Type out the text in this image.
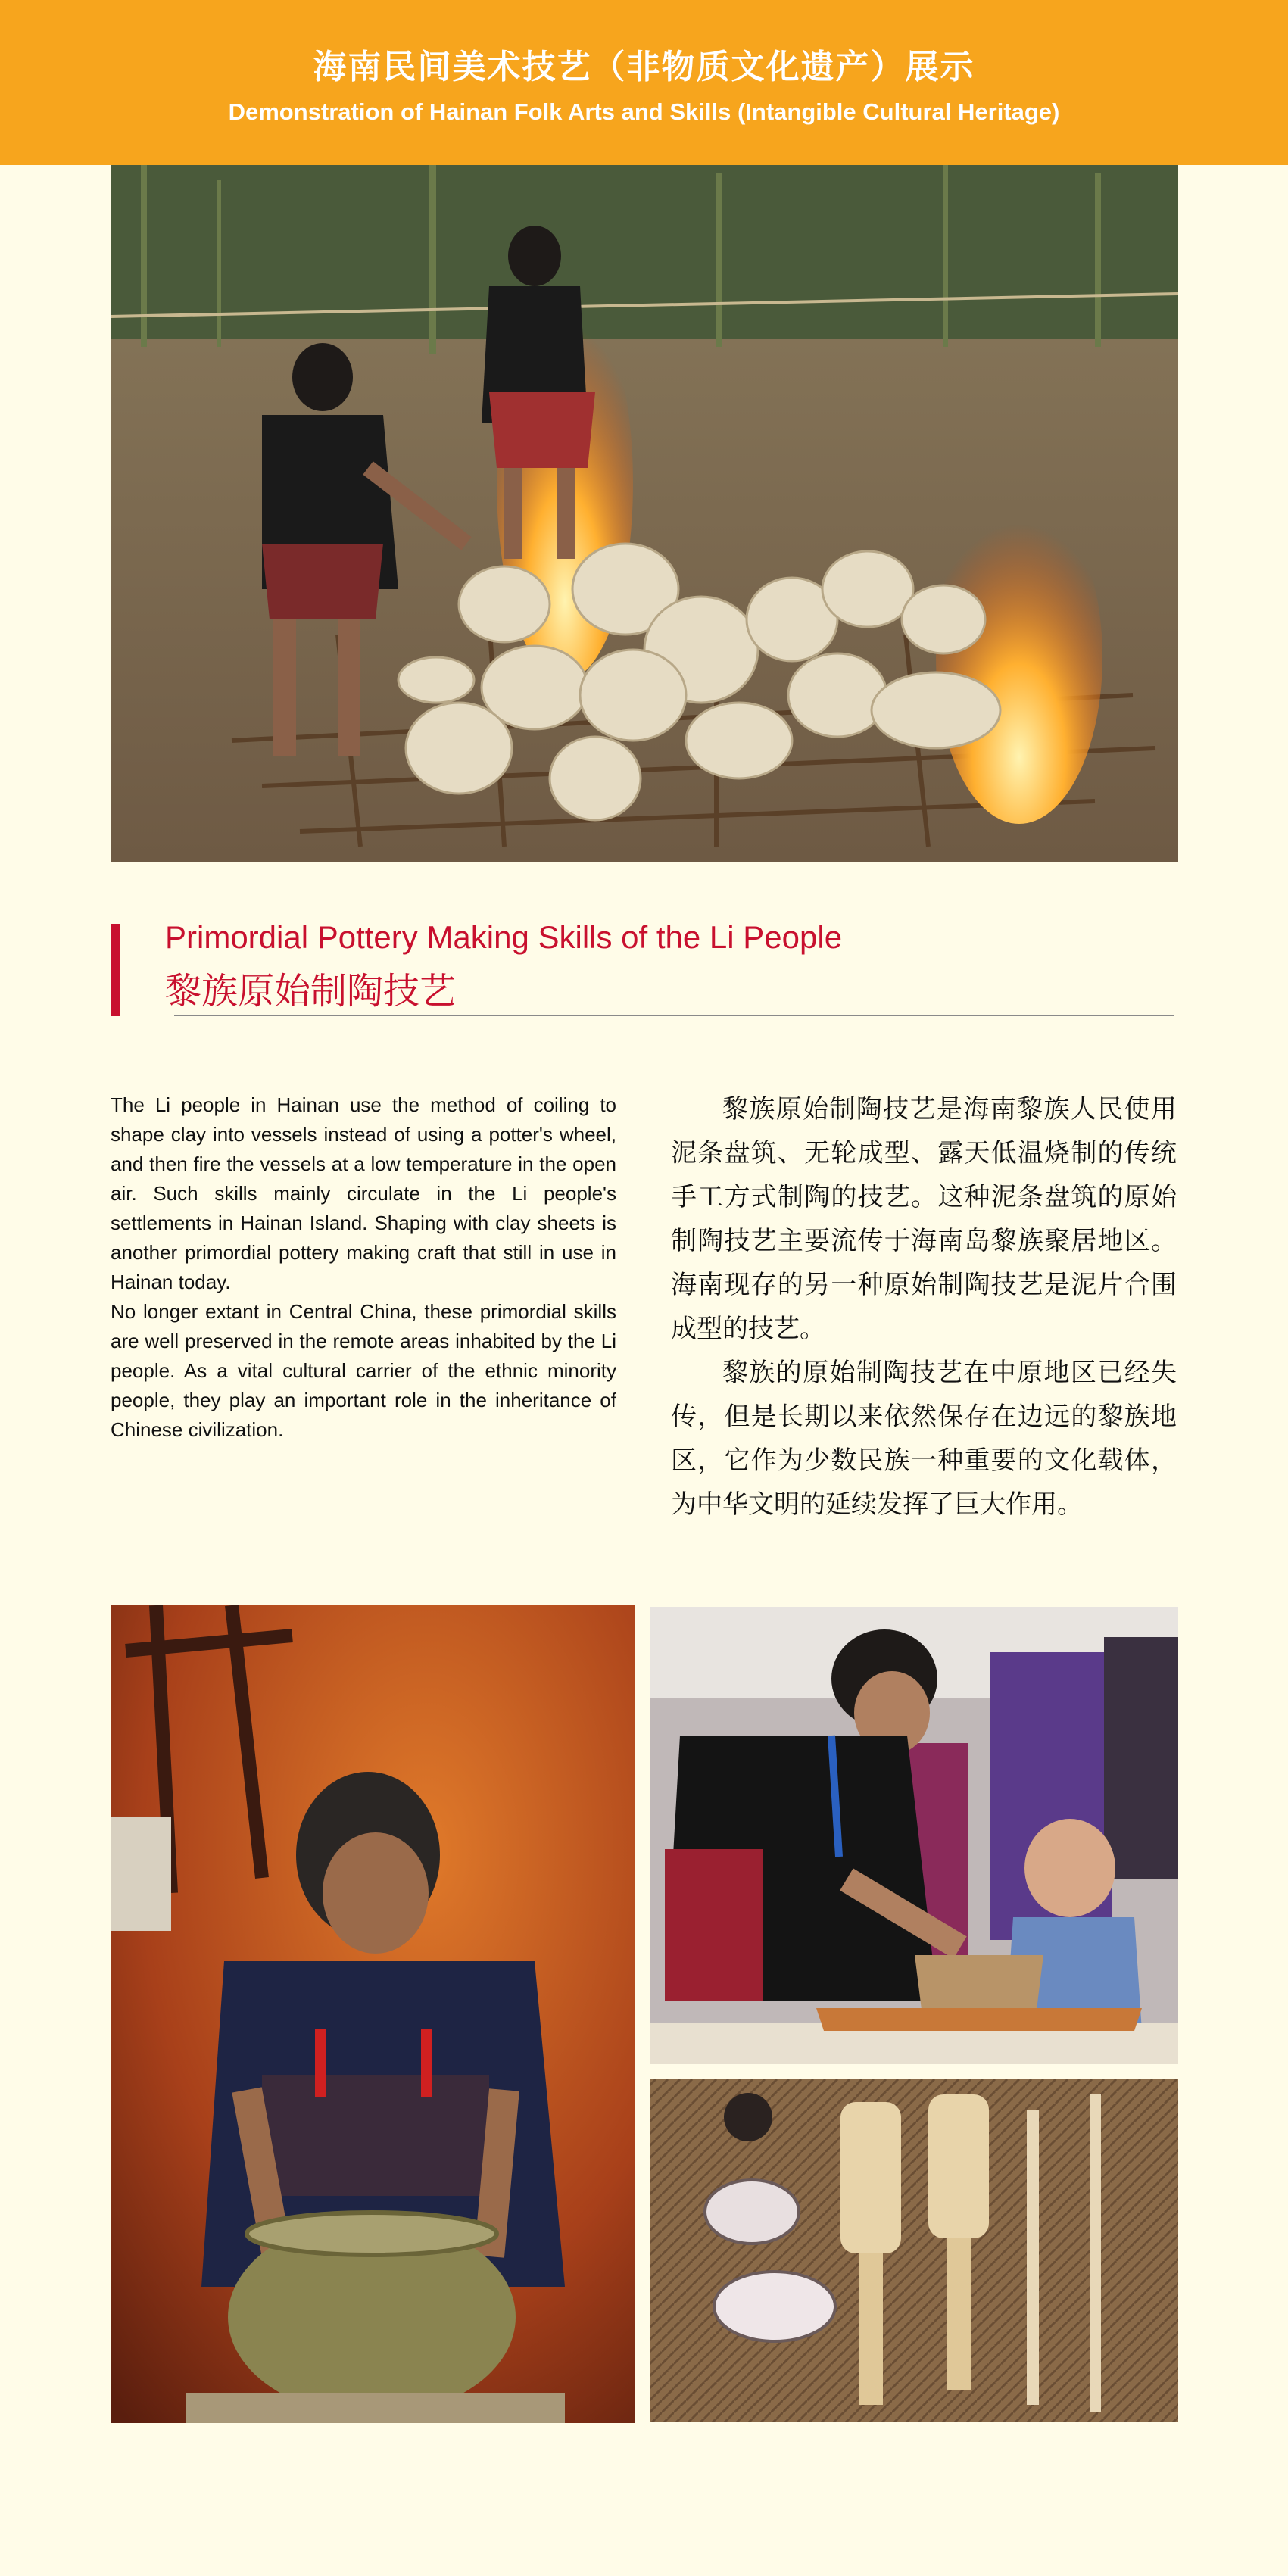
海南民间美术技艺（非物质文化遗产）展示
Demonstration of Hainan Folk Arts and Skills (Intangible Cultural Heritage)
Primordial Pottery Making Skills of the Li People
黎族原始制陶技艺

The Li people in Hainan use the method of coiling to shape clay into vessels instead of using a potter's wheel, and then fire the vessels at a low temperature in the open air. Such skills mainly circulate in the Li people's settlements in Hainan Island. Shaping with clay sheets is another primordial pottery making craft that still in use in Hainan today.

No longer extant in Central China, these primordial skills are well preserved in the remote areas inhabited by the Li people. As a vital cultural carrier of the ethnic minority people, they play an important role in the inheritance of Chinese civilization.

黎族原始制陶技艺是海南黎族人民使用泥条盘筑、无轮成型、露天低温烧制的传统手工方式制陶的技艺。这种泥条盘筑的原始制陶技艺主要流传于海南岛黎族聚居地区。海南现存的另一种原始制陶技艺是泥片合围成型的技艺。

黎族的原始制陶技艺在中原地区已经失传，但是长期以来依然保存在边远的黎族地区，它作为少数民族一种重要的文化载体，为中华文明的延续发挥了巨大作用。
